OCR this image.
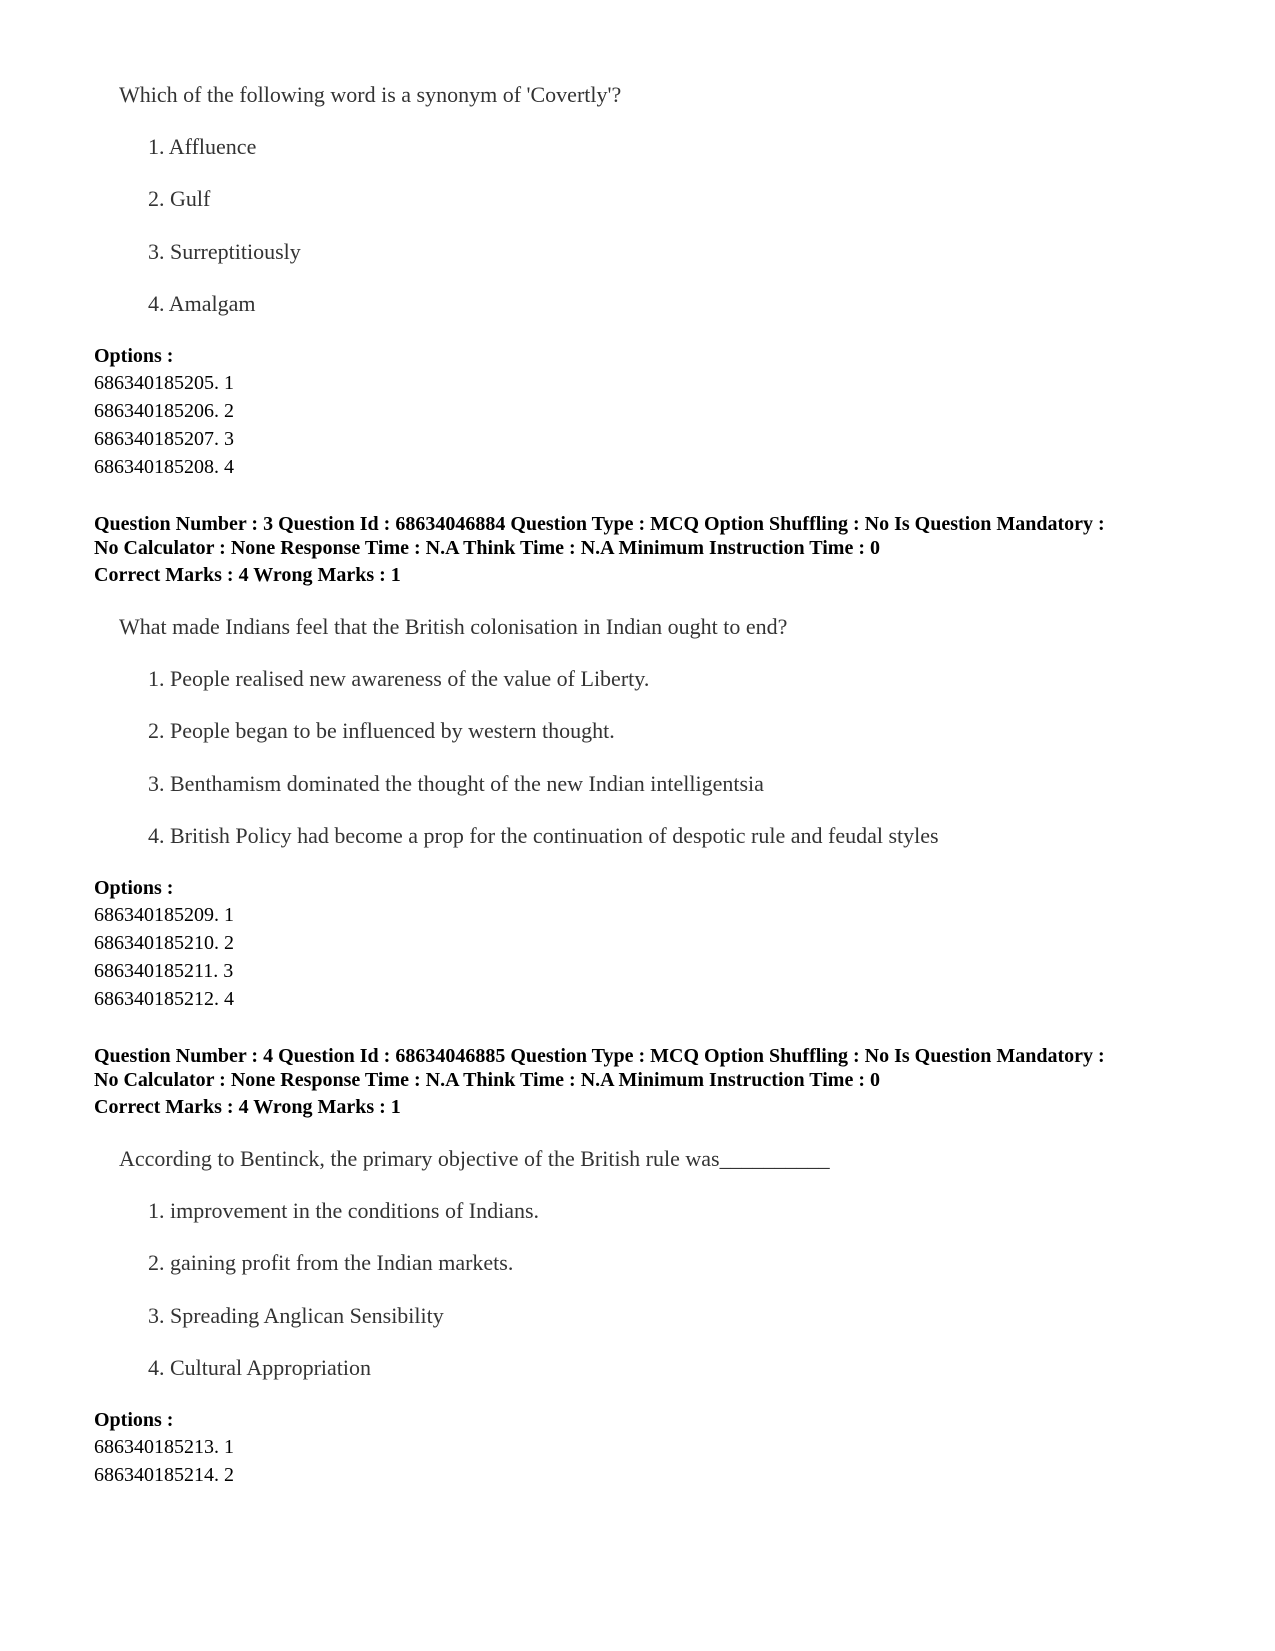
Which of the following word is a synonym of 'Covertly'?
1. Affluence
2. Gulf
3. Surreptitiously
4. Amalgam
Options :
686340185205. 1
686340185206. 2
686340185207. 3
686340185208. 4
Question Number : 3 Question Id : 68634046884 Question Type : MCQ Option Shuffling : No Is Question Mandatory :
No Calculator : None Response Time : N.A Think Time : N.A Minimum Instruction Time : 0
Correct Marks : 4 Wrong Marks : 1
What made Indians feel that the British colonisation in Indian ought to end?
1. People realised new awareness of the value of Liberty.
2. People began to be influenced by western thought.
3. Benthamism dominated the thought of the new Indian intelligentsia
4. British Policy had become a prop for the continuation of despotic rule and feudal styles
Options :
686340185209. 1
686340185210. 2
686340185211. 3
686340185212. 4
Question Number : 4 Question Id : 68634046885 Question Type : MCQ Option Shuffling : No Is Question Mandatory :
No Calculator : None Response Time : N.A Think Time : N.A Minimum Instruction Time : 0
Correct Marks : 4 Wrong Marks : 1
According to Bentinck, the primary objective of the British rule was__________
1. improvement in the conditions of Indians.
2. gaining profit from the Indian markets.
3. Spreading Anglican Sensibility
4. Cultural Appropriation
Options :
686340185213. 1
686340185214. 2
